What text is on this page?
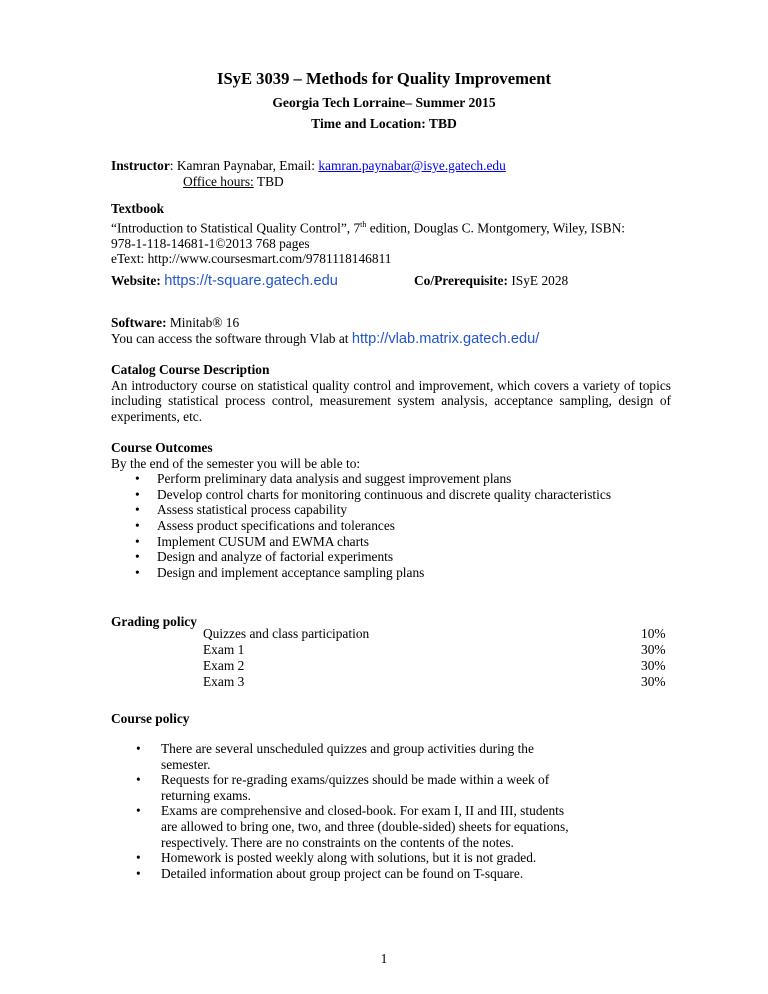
ISyE 3039 – Methods for Quality Improvement
Georgia Tech Lorraine– Summer 2015
Time and Location: TBD
Instructor: Kamran Paynabar, Email: kamran.paynabar@isye.gatech.edu
Office hours: TBD
Textbook
“Introduction to Statistical Quality Control”, 7th edition, Douglas C. Montgomery, Wiley, ISBN:
978-1-118-14681-1©2013 768 pages
eText: http://www.coursesmart.com/9781118146811
Website: https://t-square.gatech.edu	Co/Prerequisite: ISyE 2028
Software: Minitab® 16
You can access the software through Vlab at http://vlab.matrix.gatech.edu/
Catalog Course Description
An introductory course on statistical quality control and improvement, which covers a variety of topics including statistical process control, measurement system analysis, acceptance sampling, design of experiments, etc.
Course Outcomes
By the end of the semester you will be able to:
• Perform preliminary data analysis and suggest improvement plans
• Develop control charts for monitoring continuous and discrete quality characteristics
• Assess statistical process capability
• Assess product specifications and tolerances
• Implement CUSUM and EWMA charts
• Design and analyze of factorial experiments
• Design and implement acceptance sampling plans
Grading policy
Quizzes and class participation	10%
Exam 1	30%
Exam 2	30%
Exam 3	30%
Course policy
• There are several unscheduled quizzes and group activities during the semester.
• Requests for re-grading exams/quizzes should be made within a week of returning exams.
• Exams are comprehensive and closed-book. For exam I, II and III, students are allowed to bring one, two, and three (double-sided) sheets for equations, respectively. There are no constraints on the contents of the notes.
• Homework is posted weekly along with solutions, but it is not graded.
• Detailed information about group project can be found on T-square.
1
